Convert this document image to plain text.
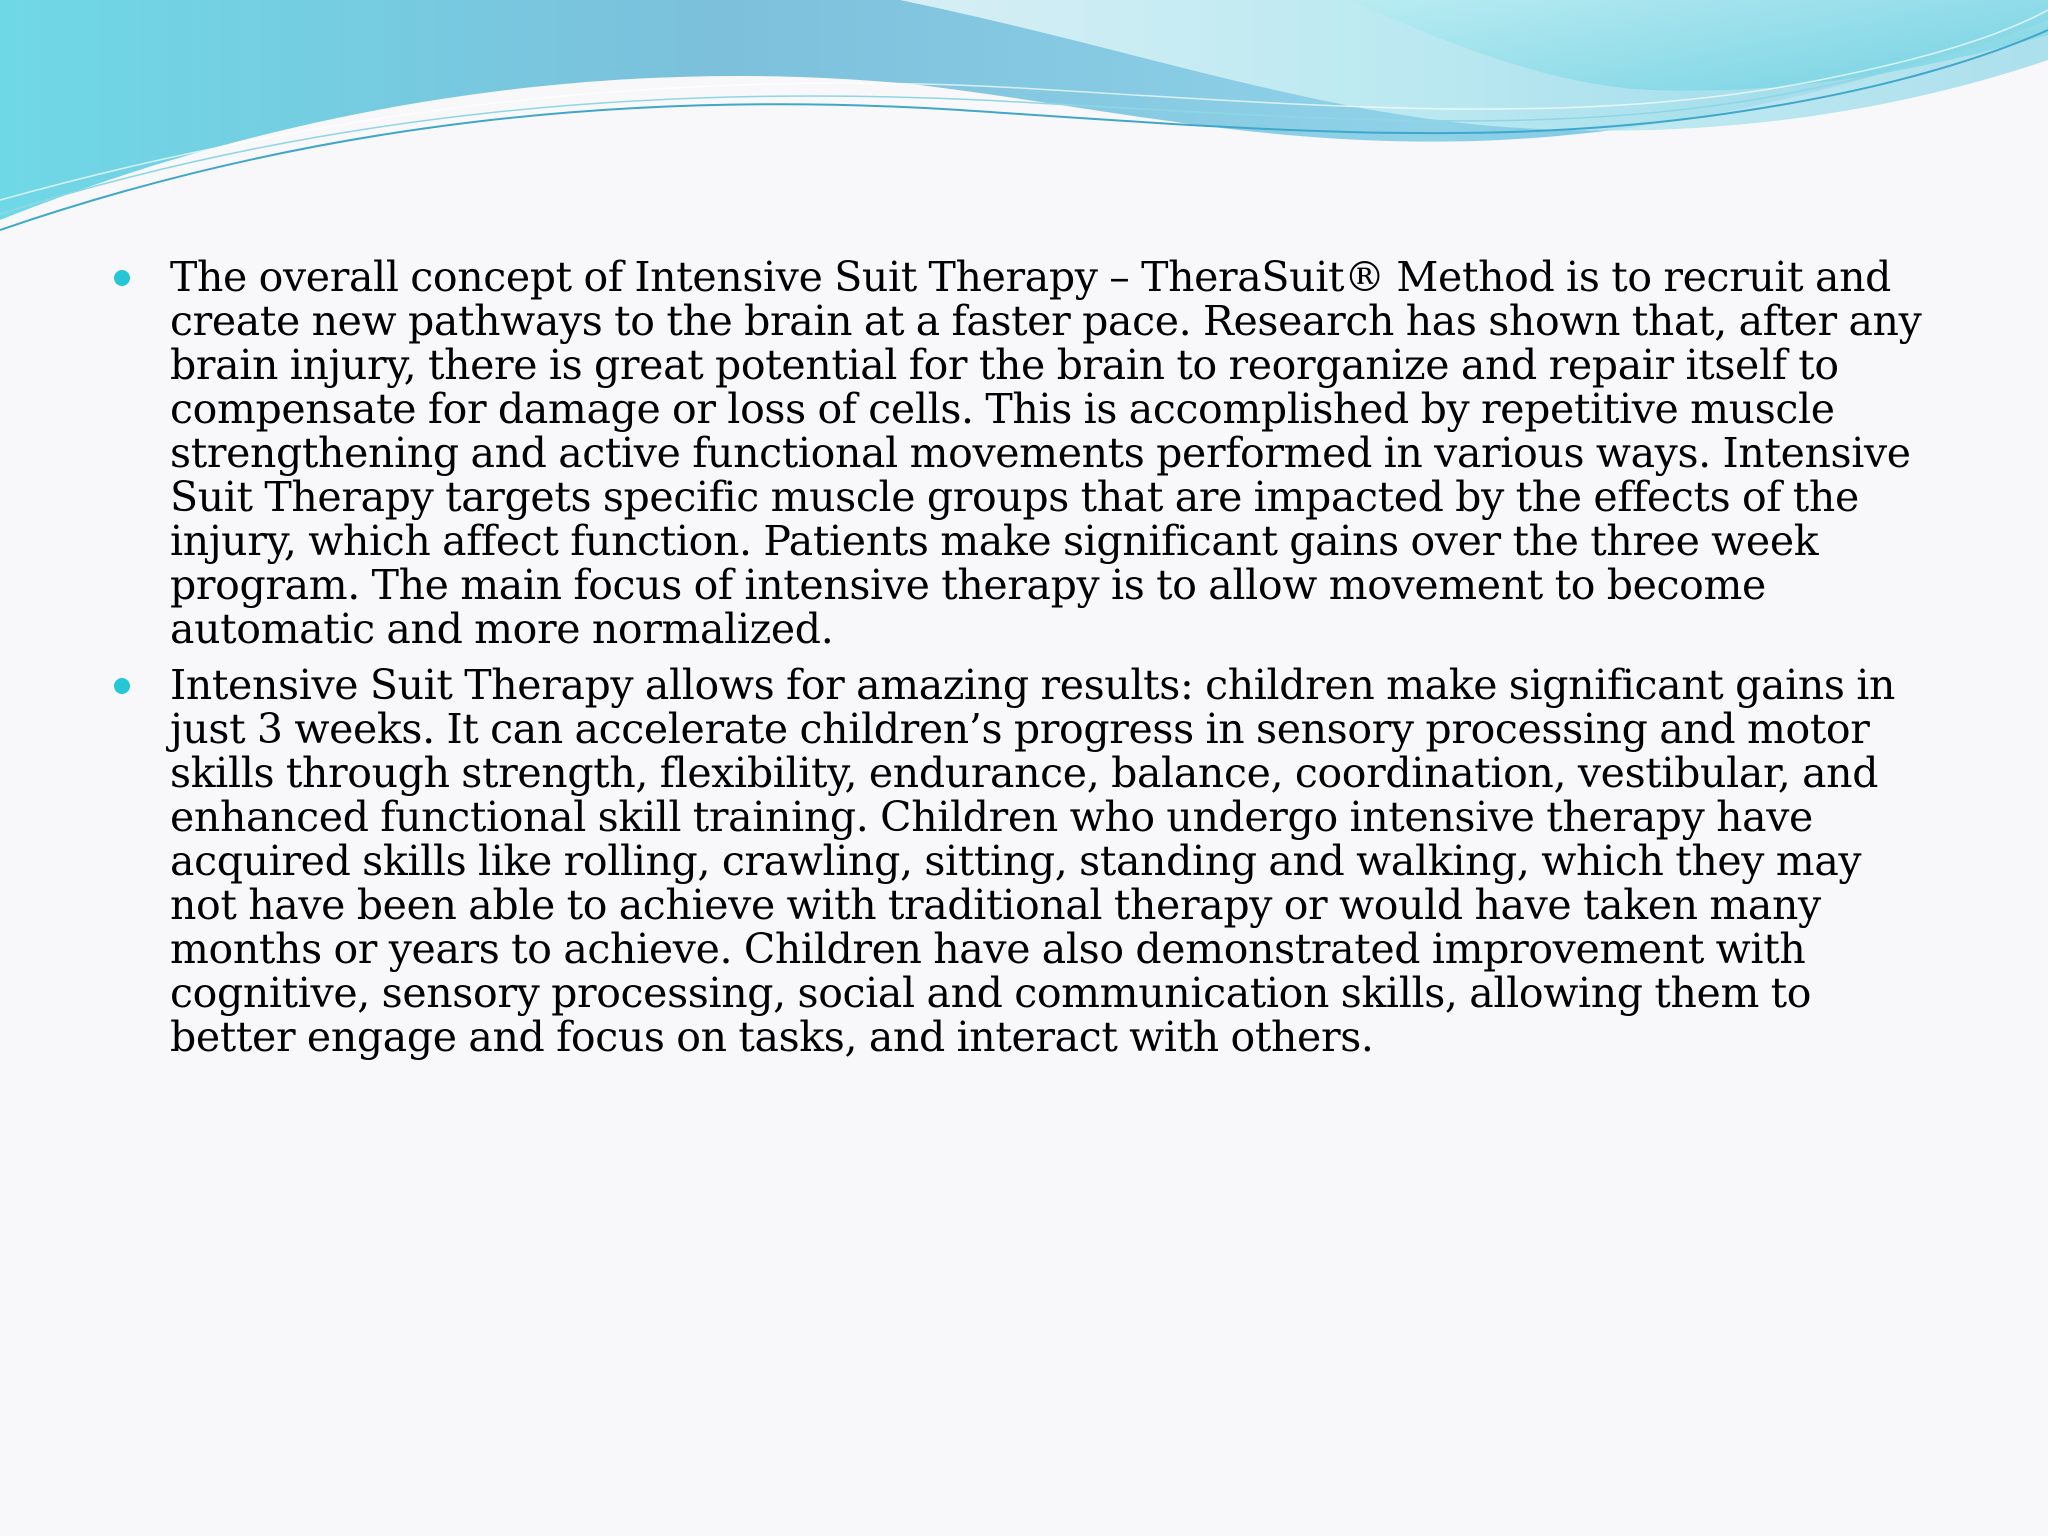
The overall concept of Intensive Suit Therapy – TheraSuit® Method is to recruit and create new pathways to the brain at a faster pace. Research has shown that, after any brain injury, there is great potential for the brain to reorganize and repair itself to compensate for damage or loss of cells. This is accomplished by repetitive muscle strengthening and active functional movements performed in various ways. Intensive Suit Therapy targets specific muscle groups that are impacted by the effects of the injury, which affect function. Patients make significant gains over the three week program. The main focus of intensive therapy is to allow movement to become automatic and more normalized.
Intensive Suit Therapy allows for amazing results: children make significant gains in just 3 weeks. It can accelerate children’s progress in sensory processing and motor skills through strength, flexibility, endurance, balance, coordination, vestibular, and enhanced functional skill training. Children who undergo intensive therapy have acquired skills like rolling, crawling, sitting, standing and walking, which they may not have been able to achieve with traditional therapy or would have taken many months or years to achieve. Children have also demonstrated improvement with cognitive, sensory processing, social and communication skills, allowing them to better engage and focus on tasks, and interact with others.
